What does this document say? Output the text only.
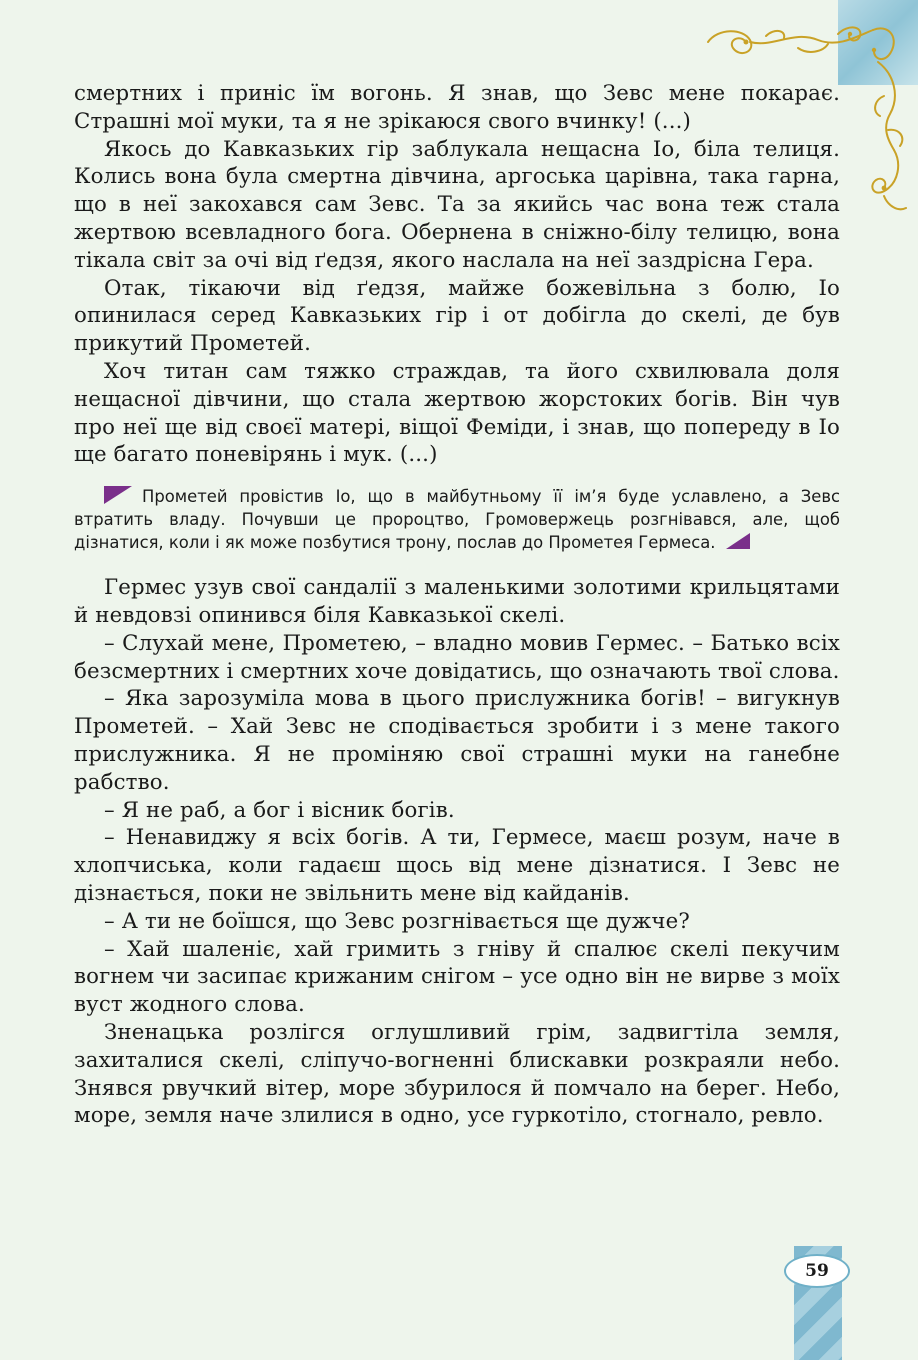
смертних і приніс їм вогонь. Я знав, що Зевс мене покарає. Страшні мої муки, та я не зрікаюся свого вчинку! (...)

Якось до Кавказьких гір заблукала нещасна Іо, біла телиця. Колись вона була смертна дівчина, аргоська царівна, така гарна, що в неї закохався сам Зевс. Та за якийсь час вона теж стала жертвою всевладного бога. Обернена в сніжно-білу телицю, вона тікала світ за очі від ґедзя, якого наслала на неї заздрісна Гера.

Отак, тікаючи від ґедзя, майже божевільна з болю, Іо опинилася серед Кавказьких гір і от добігла до скелі, де був прикутий Прометей.

Хоч титан сам тяжко страждав, та його схвилювала доля нещасної дівчини, що стала жертвою жорстоких богів. Він чув про неї ще від своєї матері, віщої Феміди, і знав, що попереду в Іо ще багато поневірянь і мук. (...)

Прометей провістив Іо, що в майбутньому її ім’я буде уславлено, а Зевс втратить владу. Почувши це пророцтво, Громовержець розгнівався, але, щоб дізнатися, коли і як може позбутися трону, послав до Прометея Гермеса.

Гермес узув свої сандалії з маленькими золотими крильцятами й невдовзі опинився біля Кавказької скелі.

– Слухай мене, Прометею, – владно мовив Гермес. – Батько всіх безсмертних і смертних хоче довідатись, що означають твої слова.

– Яка зарозуміла мова в цього прислужника богів! – вигукнув Прометей. – Хай Зевс не сподівається зробити і з мене такого прислужника. Я не проміняю свої страшні муки на ганебне рабство.

– Я не раб, а бог і вісник богів.

– Ненавиджу я всіх богів. А ти, Гермесе, маєш розум, наче в хлопчиська, коли гадаєш щось від мене дізнатися. І Зевс не дізнається, поки не звільнить мене від кайданів.

– А ти не боїшся, що Зевс розгнівається ще дужче?

– Хай шаленіє, хай гримить з гніву й спалює скелі пекучим вогнем чи засипає крижаним снігом – усе одно він не вирве з моїх вуст жодного слова.

Зненацька розлігся оглушливий грім, задвигтіла земля, захиталися скелі, сліпучо-вогненні блискавки розкраяли небо. Знявся рвучкий вітер, море збурилося й помчало на берег. Небо, море, земля наче злилися в одно, усе гуркотіло, стогнало, ревло.

59
